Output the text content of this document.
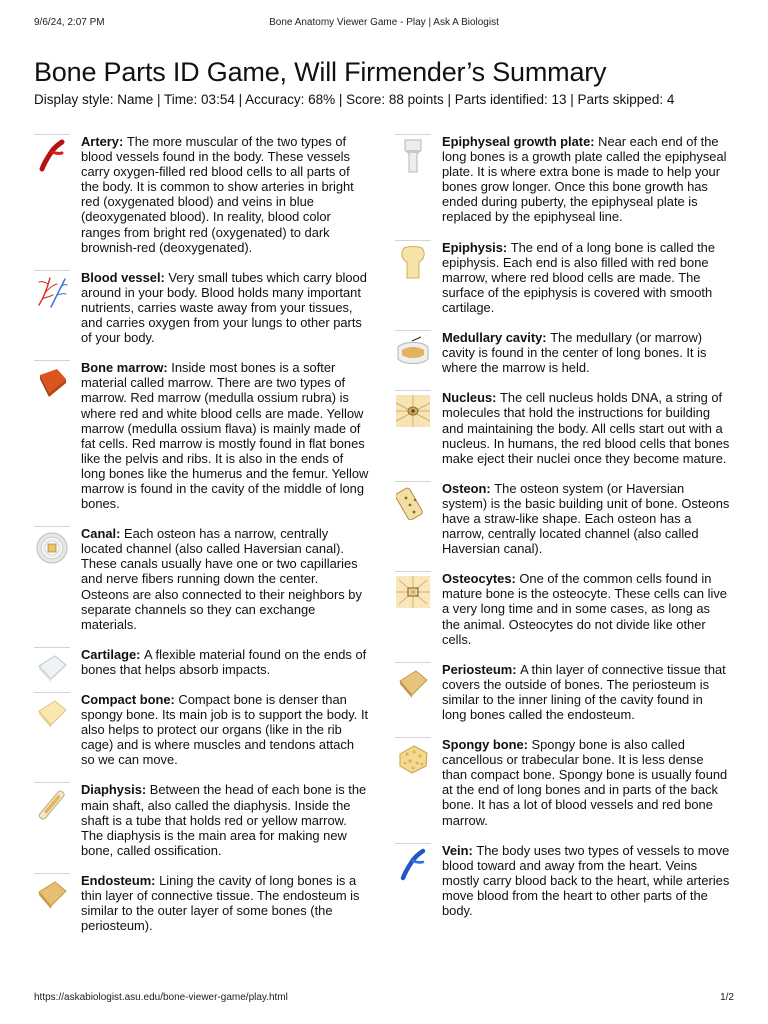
9/6/24, 2:07 PM	Bone Anatomy Viewer Game - Play | Ask A Biologist
Bone Parts ID Game, Will Firmender’s Summary
Display style: Name | Time: 03:54 | Accuracy: 68% | Score: 88 points | Parts identified: 13 | Parts skipped: 4
Artery: The more muscular of the two types of blood vessels found in the body. These vessels carry oxygen-filled red blood cells to all parts of the body. It is common to show arteries in bright red (oxygenated blood) and veins in blue (deoxygenated blood). In reality, blood color ranges from bright red (oxygenated) to dark brownish-red (deoxygenated).
Blood vessel: Very small tubes which carry blood around in your body. Blood holds many important nutrients, carries waste away from your tissues, and carries oxygen from your lungs to other parts of your body.
Bone marrow: Inside most bones is a softer material called marrow. There are two types of marrow. Red marrow (medulla ossium rubra) is where red and white blood cells are made. Yellow marrow (medulla ossium flava) is mainly made of fat cells. Red marrow is mostly found in flat bones like the pelvis and ribs. It is also in the ends of long bones like the humerus and the femur. Yellow marrow is found in the cavity of the middle of long bones.
Canal: Each osteon has a narrow, centrally located channel (also called Haversian canal). These canals usually have one or two capillaries and nerve fibers running down the center. Osteons are also connected to their neighbors by separate channels so they can exchange materials.
Cartilage: A flexible material found on the ends of bones that helps absorb impacts.
Compact bone: Compact bone is denser than spongy bone. Its main job is to support the body. It also helps to protect our organs (like in the rib cage) and is where muscles and tendons attach so we can move.
Diaphysis: Between the head of each bone is the main shaft, also called the diaphysis. Inside the shaft is a tube that holds red or yellow marrow. The diaphysis is the main area for making new bone, called ossification.
Endosteum: Lining the cavity of long bones is a thin layer of connective tissue. The endosteum is similar to the outer layer of some bones (the periosteum).
Epiphyseal growth plate: Near each end of the long bones is a growth plate called the epiphyseal plate. It is where extra bone is made to help your bones grow longer. Once this bone growth has ended during puberty, the epiphyseal plate is replaced by the epiphyseal line.
Epiphysis: The end of a long bone is called the epiphysis. Each end is also filled with red bone marrow, where red blood cells are made. The surface of the epiphysis is covered with smooth cartilage.
Medullary cavity: The medullary (or marrow) cavity is found in the center of long bones. It is where the marrow is held.
Nucleus: The cell nucleus holds DNA, a string of molecules that hold the instructions for building and maintaining the body. All cells start out with a nucleus. In humans, the red blood cells that bones make eject their nuclei once they become mature.
Osteon: The osteon system (or Haversian system) is the basic building unit of bone. Osteons have a straw-like shape. Each osteon has a narrow, centrally located channel (also called Haversian canal).
Osteocytes: One of the common cells found in mature bone is the osteocyte. These cells can live a very long time and in some cases, as long as the animal. Osteocytes do not divide like other cells.
Periosteum: A thin layer of connective tissue that covers the outside of bones. The periosteum is similar to the inner lining of the cavity found in long bones called the endosteum.
Spongy bone: Spongy bone is also called cancellous or trabecular bone. It is less dense than compact bone. Spongy bone is usually found at the end of long bones and in parts of the back bone. It has a lot of blood vessels and red bone marrow.
Vein: The body uses two types of vessels to move blood toward and away from the heart. Veins mostly carry blood back to the heart, while arteries move blood from the heart to other parts of the body.
https://askabiologist.asu.edu/bone-viewer-game/play.html	1/2
